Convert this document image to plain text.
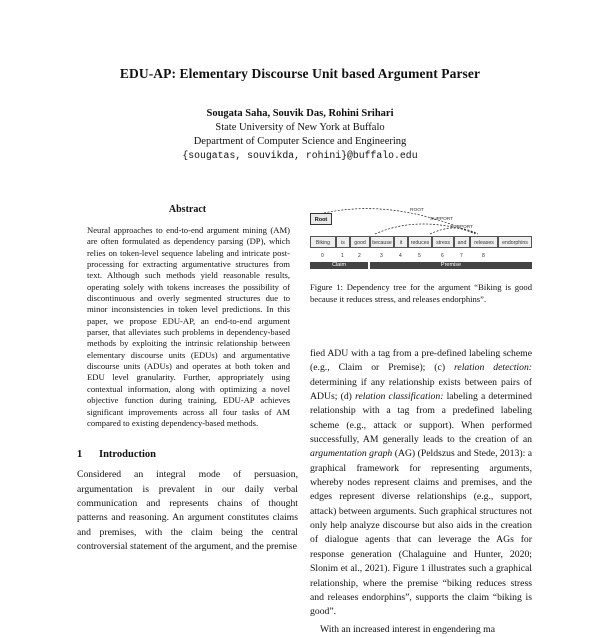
EDU-AP: Elementary Discourse Unit based Argument Parser
Sougata Saha, Souvik Das, Rohini Srihari
State University of New York at Buffalo
Department of Computer Science and Engineering
{sougatas, souvikda, rohini}@buffalo.edu
Abstract

Neural approaches to end-to-end argument mining (AM) are often formulated as dependency parsing (DP), which relies on token-level sequence labeling and intricate post-processing for extracting argumentative structures from text. Although such methods yield reasonable results, operating solely with tokens increases the possibility of discontinuous and overly segmented structures due to minor inconsistencies in token level predictions. In this paper, we propose EDU-AP, an end-to-end argument parser, that alleviates such problems in dependency-based methods by exploiting the intrinsic relationship between elementary discourse units (EDUs) and argumentative discourse units (ADUs) and operates at both token and EDU level granularity. Further, appropriately using contextual information, along with optimizing a novel objective function during training, EDU-AP achieves significant improvements across all four tasks of AM compared to existing dependency-based methods.

1 Introduction

Considered an integral mode of persuasion, argumentation is prevalent in our daily verbal communication and represents chains of thought patterns and reasoning. An argument constitutes claims and premises, with the claim being the central controversial statement of the argument, and the premise

Root
ROOT
SUPPORT
SUPPORT
Biking	is	good	because	it	reduces	stress	and	releases	endorphins
0	1	2	3	4	5	6	7	8
Claim	Premise

Figure 1: Dependency tree for the argument “Biking is good because it reduces stress, and releases endorphins”.

fied ADU with a tag from a pre-defined labeling scheme (e.g., Claim or Premise); (c) relation detection: determining if any relationship exists between pairs of ADUs; (d) relation classification: labeling a determined relationship with a tag from a predefined labeling scheme (e.g., attack or support). When performed successfully, AM generally leads to the creation of an argumentation graph (AG) (Peldszus and Stede, 2013): a graphical framework for representing arguments, whereby nodes represent claims and premises, and the edges represent diverse relationships (e.g., support, attack) between arguments. Such graphical structures not only help analyze discourse but also aids in the creation of dialogue agents that can leverage the AGs for response generation (Chalaguine and Hunter, 2020; Slonim et al., 2021). Figure 1 illustrates such a graphical relationship, where the premise “biking reduces stress and releases endorphins”, supports the claim “biking is good”.

With an increased interest in engendering ma
